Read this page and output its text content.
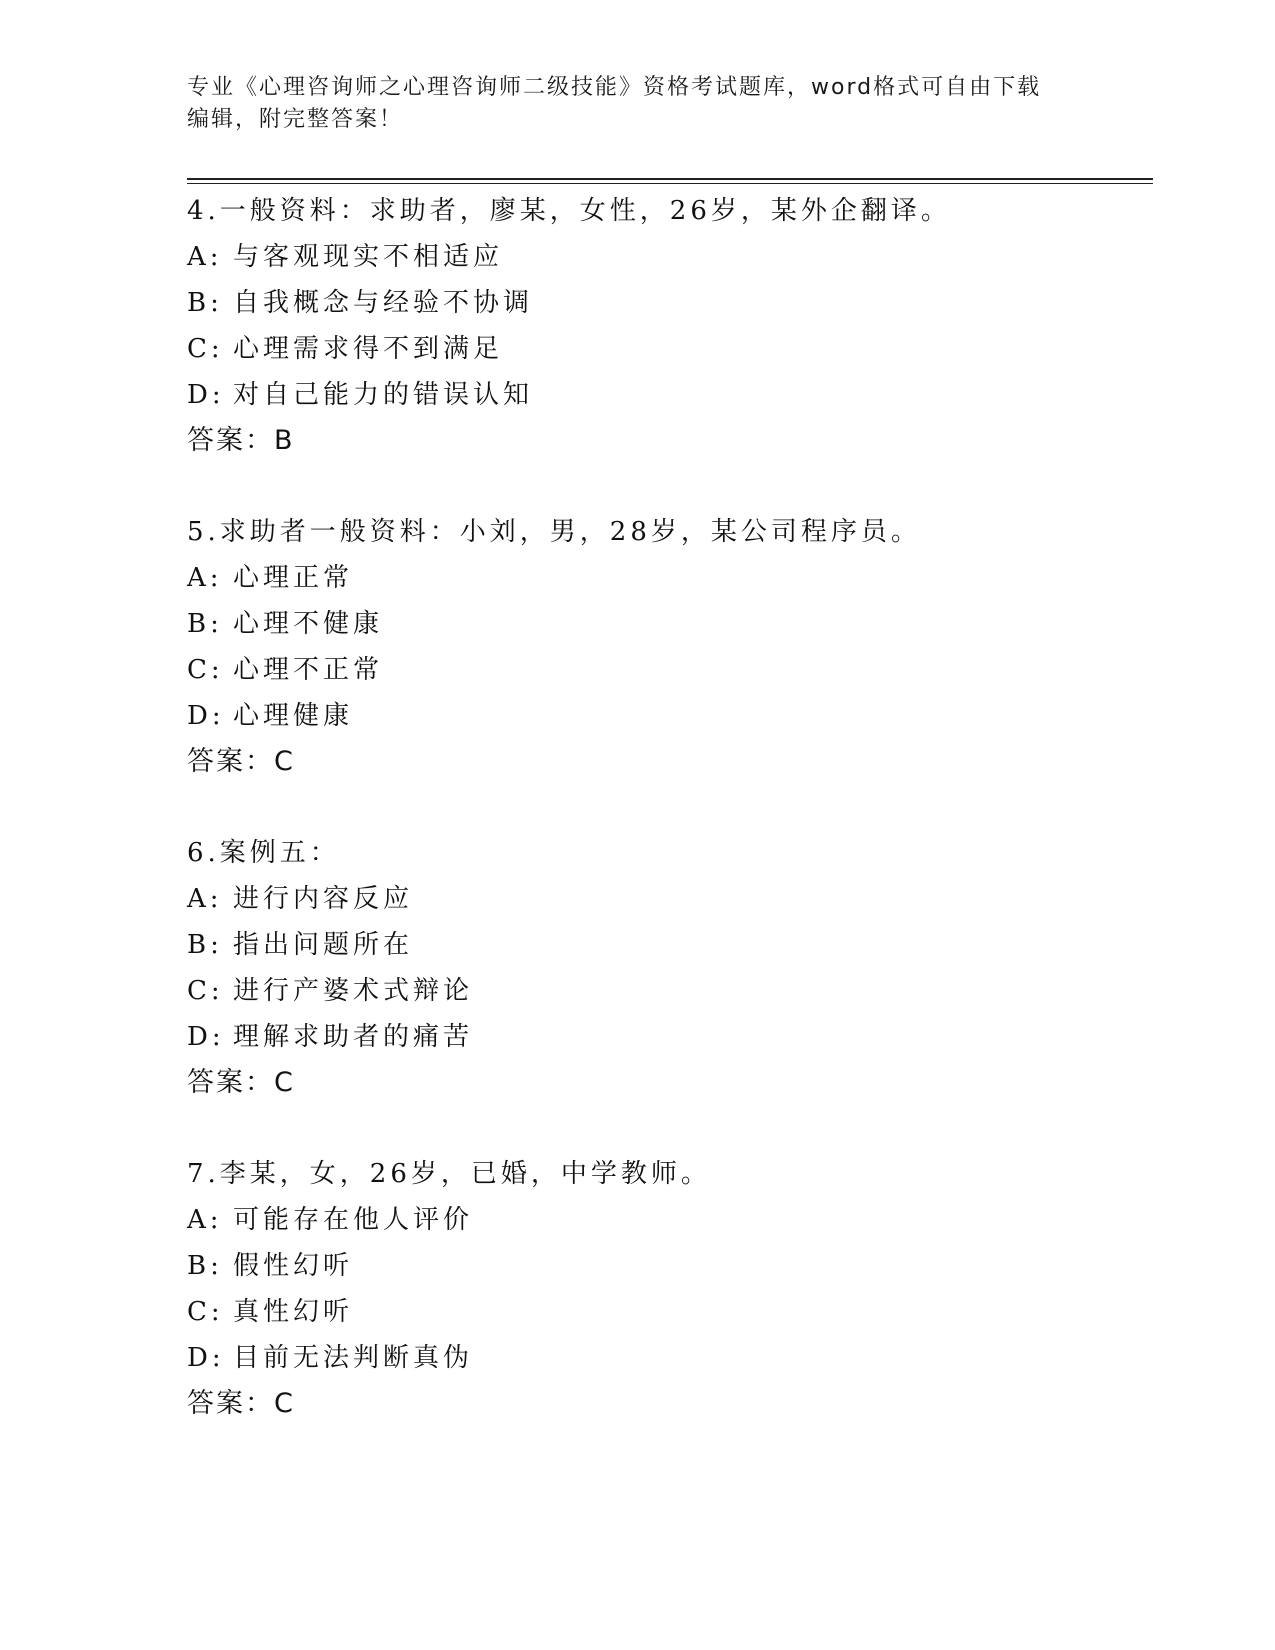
专业《心理咨询师之心理咨询师二级技能》资格考试题库，word格式可自由下载
编辑，附完整答案！
4.一般资料：求助者，廖某，女性，26岁，某外企翻译。
A: 与客观现实不相适应
B: 自我概念与经验不协调
C: 心理需求得不到满足
D: 对自己能力的错误认知
答案：B
5.求助者一般资料：小刘，男，28岁，某公司程序员。
A: 心理正常
B: 心理不健康
C: 心理不正常
D: 心理健康
答案：C
6.案例五：
A: 进行内容反应
B: 指出问题所在
C: 进行产婆术式辩论
D: 理解求助者的痛苦
答案：C
7.李某，女，26岁，已婚，中学教师。
A: 可能存在他人评价
B: 假性幻听
C: 真性幻听
D: 目前无法判断真伪
答案：C
